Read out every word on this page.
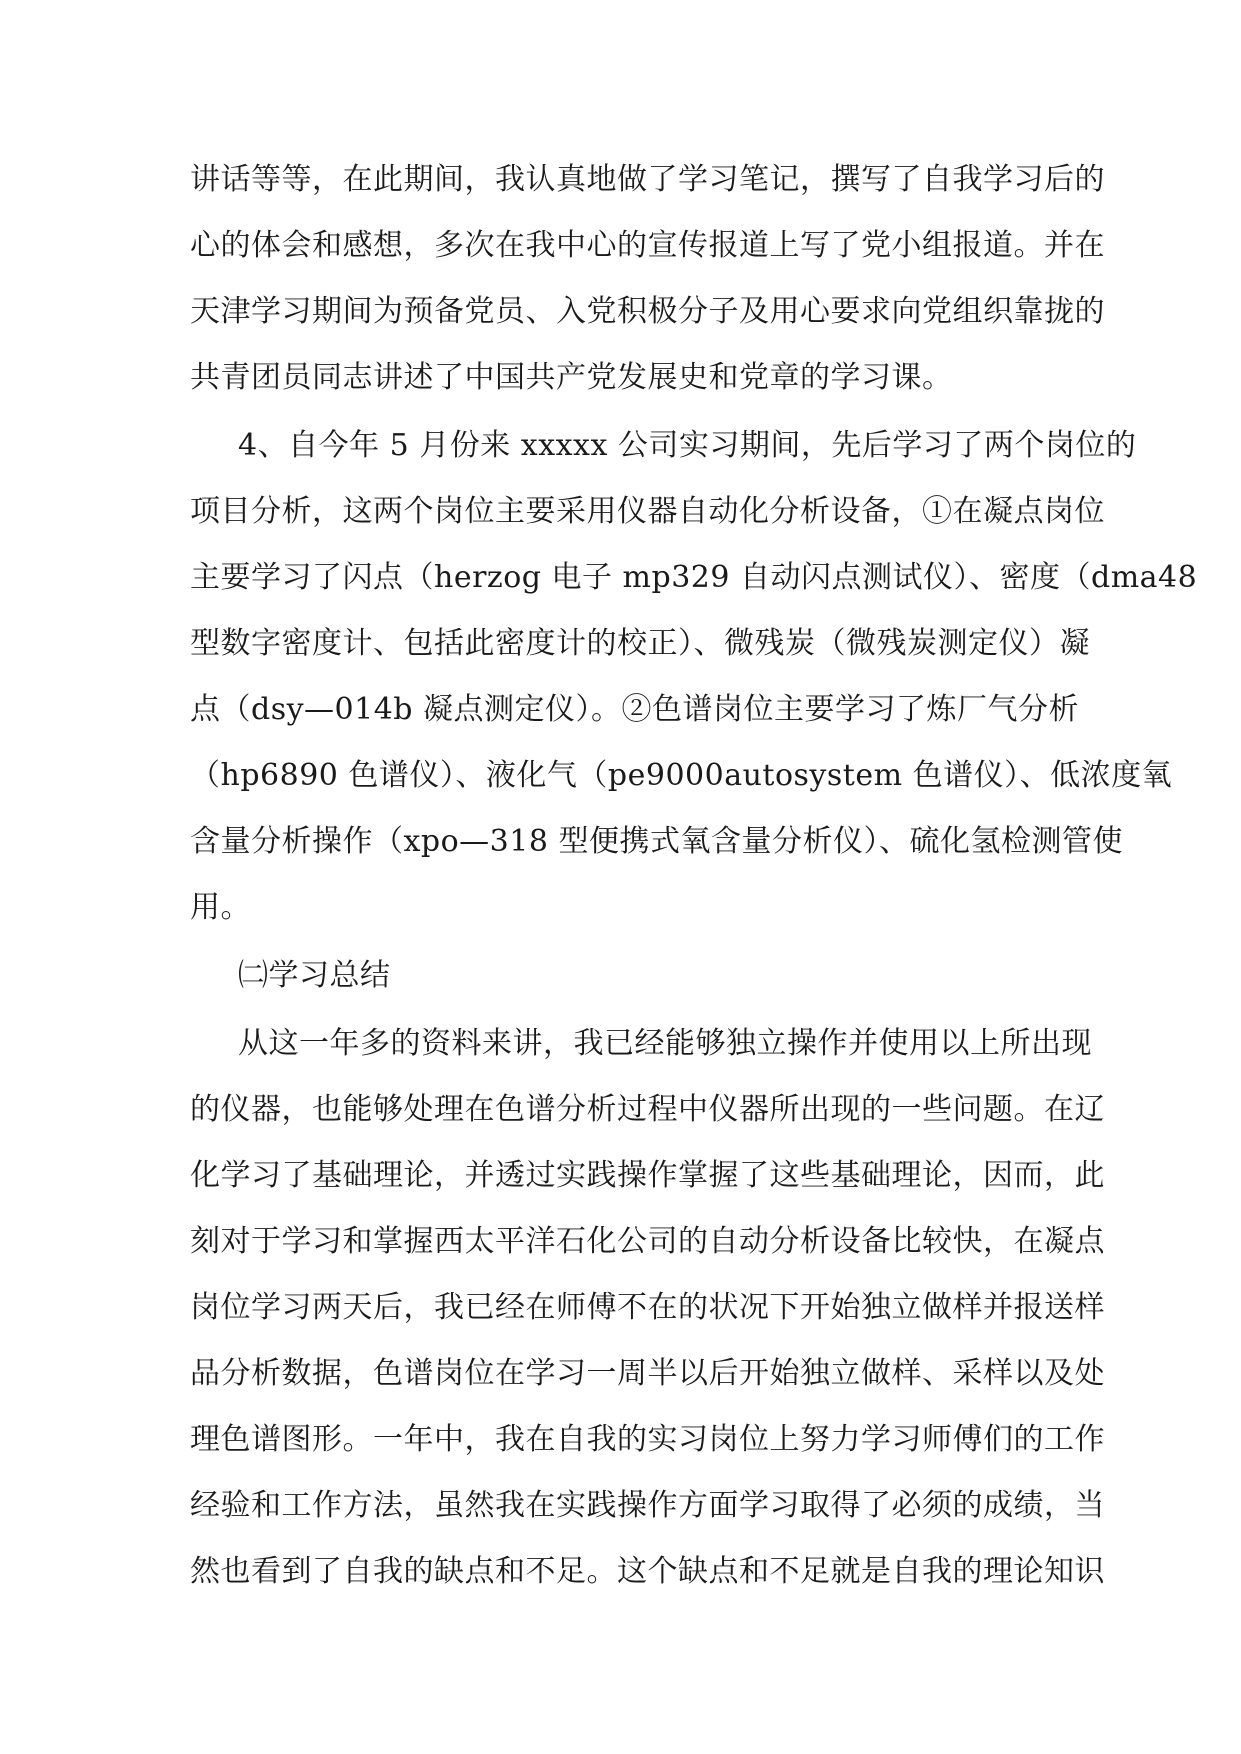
讲话等等，在此期间，我认真地做了学习笔记，撰写了自我学习后的
心的体会和感想，多次在我中心的宣传报道上写了党小组报道。并在
天津学习期间为预备党员、入党积极分子及用心要求向党组织靠拢的
共青团员同志讲述了中国共产党发展史和党章的学习课。
4、自今年 5 月份来 xxxxx 公司实习期间，先后学习了两个岗位的
项目分析，这两个岗位主要采用仪器自动化分析设备，①在凝点岗位
主要学习了闪点（herzog 电子 mp329 自动闪点测试仪）、密度（dma48
型数字密度计、包括此密度计的校正）、微残炭（微残炭测定仪）凝
点（dsy—014b 凝点测定仪）。②色谱岗位主要学习了炼厂气分析
（hp6890 色谱仪）、液化气（pe9000autosystem 色谱仪）、低浓度氧
含量分析操作（xpo—318 型便携式氧含量分析仪）、硫化氢检测管使
用。
㈡学习总结
从这一年多的资料来讲，我已经能够独立操作并使用以上所出现
的仪器，也能够处理在色谱分析过程中仪器所出现的一些问题。在辽
化学习了基础理论，并透过实践操作掌握了这些基础理论，因而，此
刻对于学习和掌握西太平洋石化公司的自动分析设备比较快，在凝点
岗位学习两天后，我已经在师傅不在的状况下开始独立做样并报送样
品分析数据，色谱岗位在学习一周半以后开始独立做样、采样以及处
理色谱图形。一年中，我在自我的实习岗位上努力学习师傅们的工作
经验和工作方法，虽然我在实践操作方面学习取得了必须的成绩，当
然也看到了自我的缺点和不足。这个缺点和不足就是自我的理论知识
